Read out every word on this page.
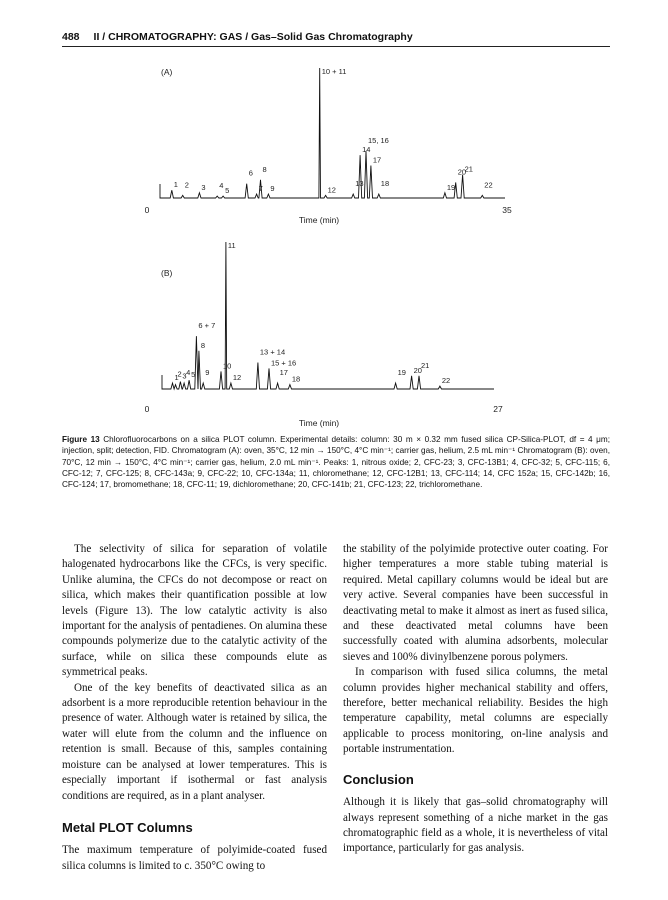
488 II / CHROMATOGRAPHY: GAS / Gas–Solid Gas Chromatography
(A)
(B)
0	35
Time (min)
0	27
Time (min)
1 2 3 4
5
6
7
8
9
10 + 11
12
13
14
15, 16
17
18	19
20
21
22
1
2 3 4 5
6 + 7
8
9
10
11
12
13 + 14
15 + 16
17
18
19 20
21
22
Figure 13 Chlorofluorocarbons on a silica PLOT column. Experimental details: column: 30 m × 0.32 mm fused silica CP-Silica-PLOT, df = 4 μm; injection, split; detection, FID. Chromatogram (A): oven, 35°C, 12 min → 150°C, 4°C min⁻¹; carrier gas, helium, 2.5 mL min⁻¹ Chromatogram (B): oven, 70°C, 12 min → 150°C, 4°C min⁻¹; carrier gas, helium, 2.0 mL min⁻¹. Peaks: 1, nitrous oxide; 2, CFC-23; 3, CFC-13B1; 4, CFC-32; 5, CFC-115; 6, CFC-12; 7, CFC-125; 8, CFC-143a; 9, CFC-22; 10, CFC-134a; 11, chloromethane; 12, CFC-12B1; 13, CFC-114; 14, CFC 152a; 15, CFC-142b; 16, CFC-124; 17, bromomethane; 18, CFC-11; 19, dichloromethane; 20, CFC-141b; 21, CFC-123; 22, trichloromethane.

The selectivity of silica for separation of volatile halogenated hydrocarbons like the CFCs, is very specific. Unlike alumina, the CFCs do not decompose or react on silica, which makes their quantification possible at low levels (Figure 13). The low catalytic activity is also important for the analysis of pentadienes. On alumina these compounds polymerize due to the catalytic activity of the surface, while on silica these compounds elute as symmetrical peaks.

One of the key benefits of deactivated silica as an adsorbent is a more reproducible retention behaviour in the presence of water. Although water is retained by silica, the water will elute from the column and the influence on retention is small. Because of this, samples containing moisture can be analysed at lower temperatures. This is especially important if isothermal or fast analysis conditions are required, as in a plant analyser.

Metal PLOT Columns

The maximum temperature of polyimide-coated fused silica columns is limited to c. 350°C owing to

the stability of the polyimide protective outer coating. For higher temperatures a more stable tubing material is required. Metal capillary columns would be ideal but are very active. Several companies have been successful in deactivating metal to make it almost as inert as fused silica, and these deactivated metal columns have been successfully coated with alumina adsorbents, molecular sieves and 100% divinylbenzene porous polymers.

In comparison with fused silica columns, the metal column provides higher mechanical stability and offers, therefore, better mechanical reliability. Besides the high temperature capability, metal columns are especially applicable to process monitoring, on-line analysis and portable instrumentation.

Conclusion

Although it is likely that gas–solid chromatography will always represent something of a niche market in the gas chromatographic field as a whole, it is nevertheless of vital importance, particularly for gas analysis.
